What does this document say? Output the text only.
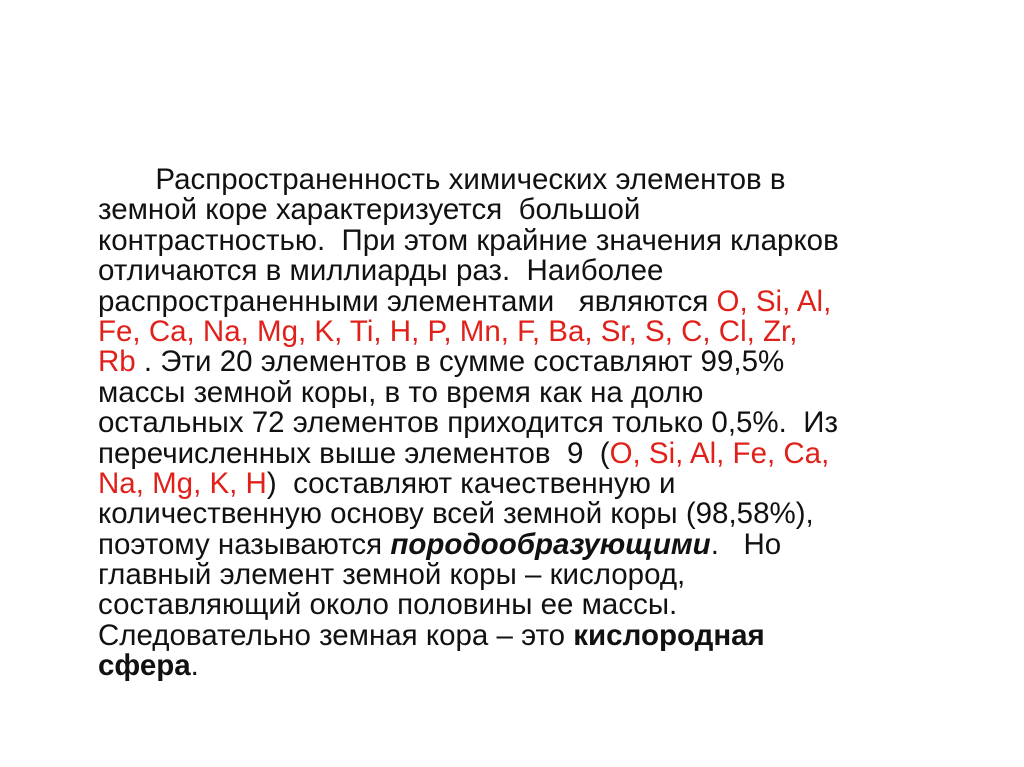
Распространенность химических элементов в
земной коре характеризуется  большой
контрастностью.  При этом крайние значения кларков
отличаются в миллиарды раз.  Наиболее
распространенными элементами   являются O, Si, Al,
Fe, Ca, Na, Mg, K, Ti, H, P, Mn, F, Ba, Sr, S, C, Cl, Zr,
Rb . Эти 20 элементов в сумме составляют 99,5%
массы земной коры, в то время как на долю
остальных 72 элементов приходится только 0,5%.  Из
перечисленных выше элементов  9  (O, Si, Al, Fe, Ca,
Na, Mg, K, H)  составляют качественную и
количественную основу всей земной коры (98,58%),
поэтому называются породообразующими.   Но
главный элемент земной коры – кислород,
составляющий около половины ее массы.
Следовательно земная кора – это кислородная
сфера.
